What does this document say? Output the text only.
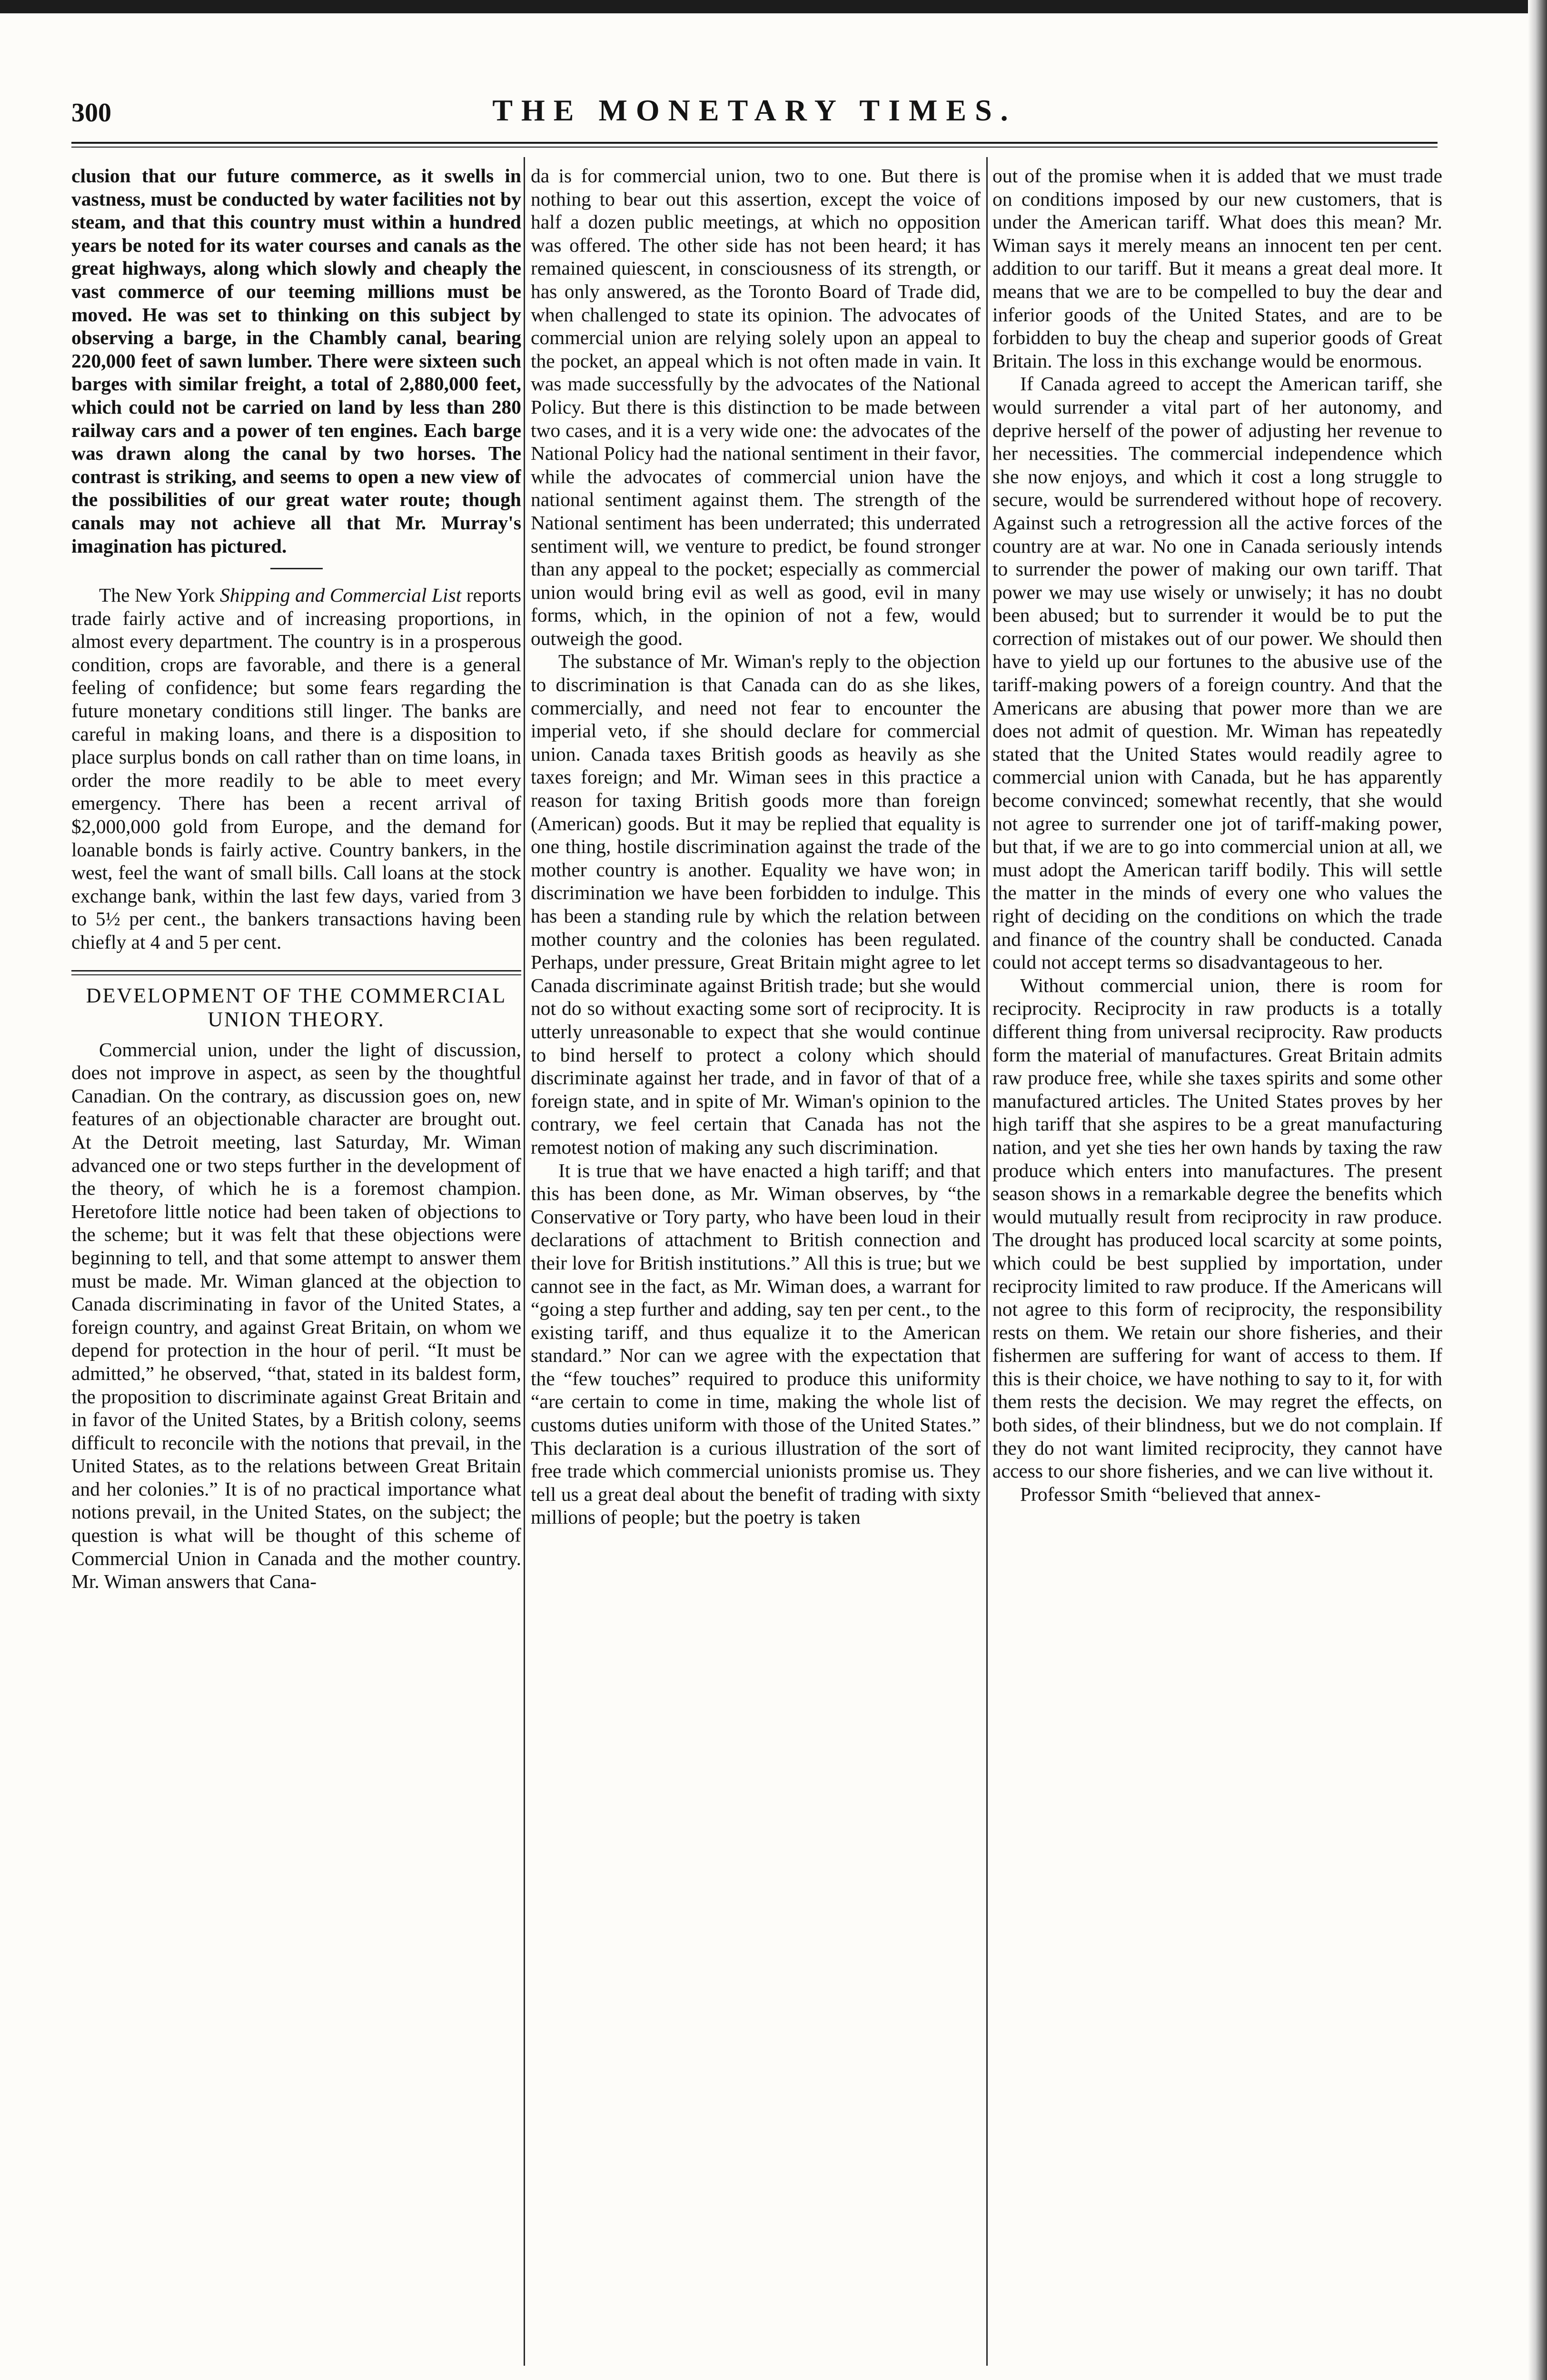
300	THE MONETARY TIMES.

clusion that our future commerce, as it swells in vastness, must be conducted by water facilities not by steam, and that this country must within a hundred years be noted for its water courses and canals as the great highways, along which slowly and cheaply the vast commerce of our teeming millions must be moved. He was set to thinking on this subject by observing a barge, in the Chambly canal, bearing 220,000 feet of sawn lumber. There were sixteen such barges with similar freight, a total of 2,880,000 feet, which could not be carried on land by less than 280 railway cars and a power of ten engines. Each barge was drawn along the canal by two horses. The contrast is striking, and seems to open a new view of the possibilities of our great water route; though canals may not achieve all that Mr. Murray's imagination has pictured.

The New York Shipping and Commercial List reports trade fairly active and of increasing proportions, in almost every department. The country is in a prosperous condition, crops are favorable, and there is a general feeling of confidence; but some fears regarding the future monetary conditions still linger. The banks are careful in making loans, and there is a disposition to place surplus bonds on call rather than on time loans, in order the more readily to be able to meet every emergency. There has been a recent arrival of $2,000,000 gold from Europe, and the demand for loanable bonds is fairly active. Country bankers, in the west, feel the want of small bills. Call loans at the stock exchange bank, within the last few days, varied from 3 to 5½ per cent., the bankers transactions having been chiefly at 4 and 5 per cent.

DEVELOPMENT OF THE COMMERCIAL UNION THEORY.

Commercial union, under the light of discussion, does not improve in aspect, as seen by the thoughtful Canadian. On the contrary, as discussion goes on, new features of an objectionable character are brought out. At the Detroit meeting, last Saturday, Mr. Wiman advanced one or two steps further in the development of the theory, of which he is a foremost champion. Heretofore little notice had been taken of objections to the scheme; but it was felt that these objections were beginning to tell, and that some attempt to answer them must be made. Mr. Wiman glanced at the objection to Canada discriminating in favor of the United States, a foreign country, and against Great Britain, on whom we depend for protection in the hour of peril. “It must be admitted,” he observed, “that, stated in its baldest form, the proposition to discriminate against Great Britain and in favor of the United States, by a British colony, seems difficult to reconcile with the notions that prevail, in the United States, as to the relations between Great Britain and her colonies.” It is of no practical importance what notions prevail, in the United States, on the subject; the question is what will be thought of this scheme of Commercial Union in Canada and the mother country. Mr. Wiman answers that Cana-

da is for commercial union, two to one. But there is nothing to bear out this assertion, except the voice of half a dozen public meetings, at which no opposition was offered. The other side has not been heard; it has remained quiescent, in consciousness of its strength, or has only answered, as the Toronto Board of Trade did, when challenged to state its opinion. The advocates of commercial union are relying solely upon an appeal to the pocket, an appeal which is not often made in vain. It was made successfully by the advocates of the National Policy. But there is this distinction to be made between two cases, and it is a very wide one: the advocates of the National Policy had the national sentiment in their favor, while the advocates of commercial union have the national sentiment against them. The strength of the National sentiment has been underrated; this underrated sentiment will, we venture to predict, be found stronger than any appeal to the pocket; especially as commercial union would bring evil as well as good, evil in many forms, which, in the opinion of not a few, would outweigh the good.

The substance of Mr. Wiman's reply to the objection to discrimination is that Canada can do as she likes, commercially, and need not fear to encounter the imperial veto, if she should declare for commercial union. Canada taxes British goods as heavily as she taxes foreign; and Mr. Wiman sees in this practice a reason for taxing British goods more than foreign (American) goods. But it may be replied that equality is one thing, hostile discrimination against the trade of the mother country is another. Equality we have won; in discrimination we have been forbidden to indulge. This has been a standing rule by which the relation between mother country and the colonies has been regulated. Perhaps, under pressure, Great Britain might agree to let Canada discriminate against British trade; but she would not do so without exacting some sort of reciprocity. It is utterly unreasonable to expect that she would continue to bind herself to protect a colony which should discriminate against her trade, and in favor of that of a foreign state, and in spite of Mr. Wiman's opinion to the contrary, we feel certain that Canada has not the remotest notion of making any such discrimination.

It is true that we have enacted a high tariff; and that this has been done, as Mr. Wiman observes, by “the Conservative or Tory party, who have been loud in their declarations of attachment to British connection and their love for British institutions.” All this is true; but we cannot see in the fact, as Mr. Wiman does, a warrant for “going a step further and adding, say ten per cent., to the existing tariff, and thus equalize it to the American standard.” Nor can we agree with the expectation that the “few touches” required to produce this uniformity “are certain to come in time, making the whole list of customs duties uniform with those of the United States.” This declaration is a curious illustration of the sort of free trade which commercial unionists promise us. They tell us a great deal about the benefit of trading with sixty millions of people; but the poetry is taken

out of the promise when it is added that we must trade on conditions imposed by our new customers, that is under the American tariff. What does this mean? Mr. Wiman says it merely means an innocent ten per cent. addition to our tariff. But it means a great deal more. It means that we are to be compelled to buy the dear and inferior goods of the United States, and are to be forbidden to buy the cheap and superior goods of Great Britain. The loss in this exchange would be enormous.

If Canada agreed to accept the American tariff, she would surrender a vital part of her autonomy, and deprive herself of the power of adjusting her revenue to her necessities. The commercial independence which she now enjoys, and which it cost a long struggle to secure, would be surrendered without hope of recovery. Against such a retrogression all the active forces of the country are at war. No one in Canada seriously intends to surrender the power of making our own tariff. That power we may use wisely or unwisely; it has no doubt been abused; but to surrender it would be to put the correction of mistakes out of our power. We should then have to yield up our fortunes to the abusive use of the tariff-making powers of a foreign country. And that the Americans are abusing that power more than we are does not admit of question. Mr. Wiman has repeatedly stated that the United States would readily agree to commercial union with Canada, but he has apparently become convinced; somewhat recently, that she would not agree to surrender one jot of tariff-making power, but that, if we are to go into commercial union at all, we must adopt the American tariff bodily. This will settle the matter in the minds of every one who values the right of deciding on the conditions on which the trade and finance of the country shall be conducted. Canada could not accept terms so disadvantageous to her.

Without commercial union, there is room for reciprocity. Reciprocity in raw products is a totally different thing from universal reciprocity. Raw products form the material of manufactures. Great Britain admits raw produce free, while she taxes spirits and some other manufactured articles. The United States proves by her high tariff that she aspires to be a great manufacturing nation, and yet she ties her own hands by taxing the raw produce which enters into manufactures. The present season shows in a remarkable degree the benefits which would mutually result from reciprocity in raw produce. The drought has produced local scarcity at some points, which could be best supplied by importation, under reciprocity limited to raw produce. If the Americans will not agree to this form of reciprocity, the responsibility rests on them. We retain our shore fisheries, and their fishermen are suffering for want of access to them. If this is their choice, we have nothing to say to it, for with them rests the decision. We may regret the effects, on both sides, of their blindness, but we do not complain. If they do not want limited reciprocity, they cannot have access to our shore fisheries, and we can live without it.

Professor Smith “believed that annex-
